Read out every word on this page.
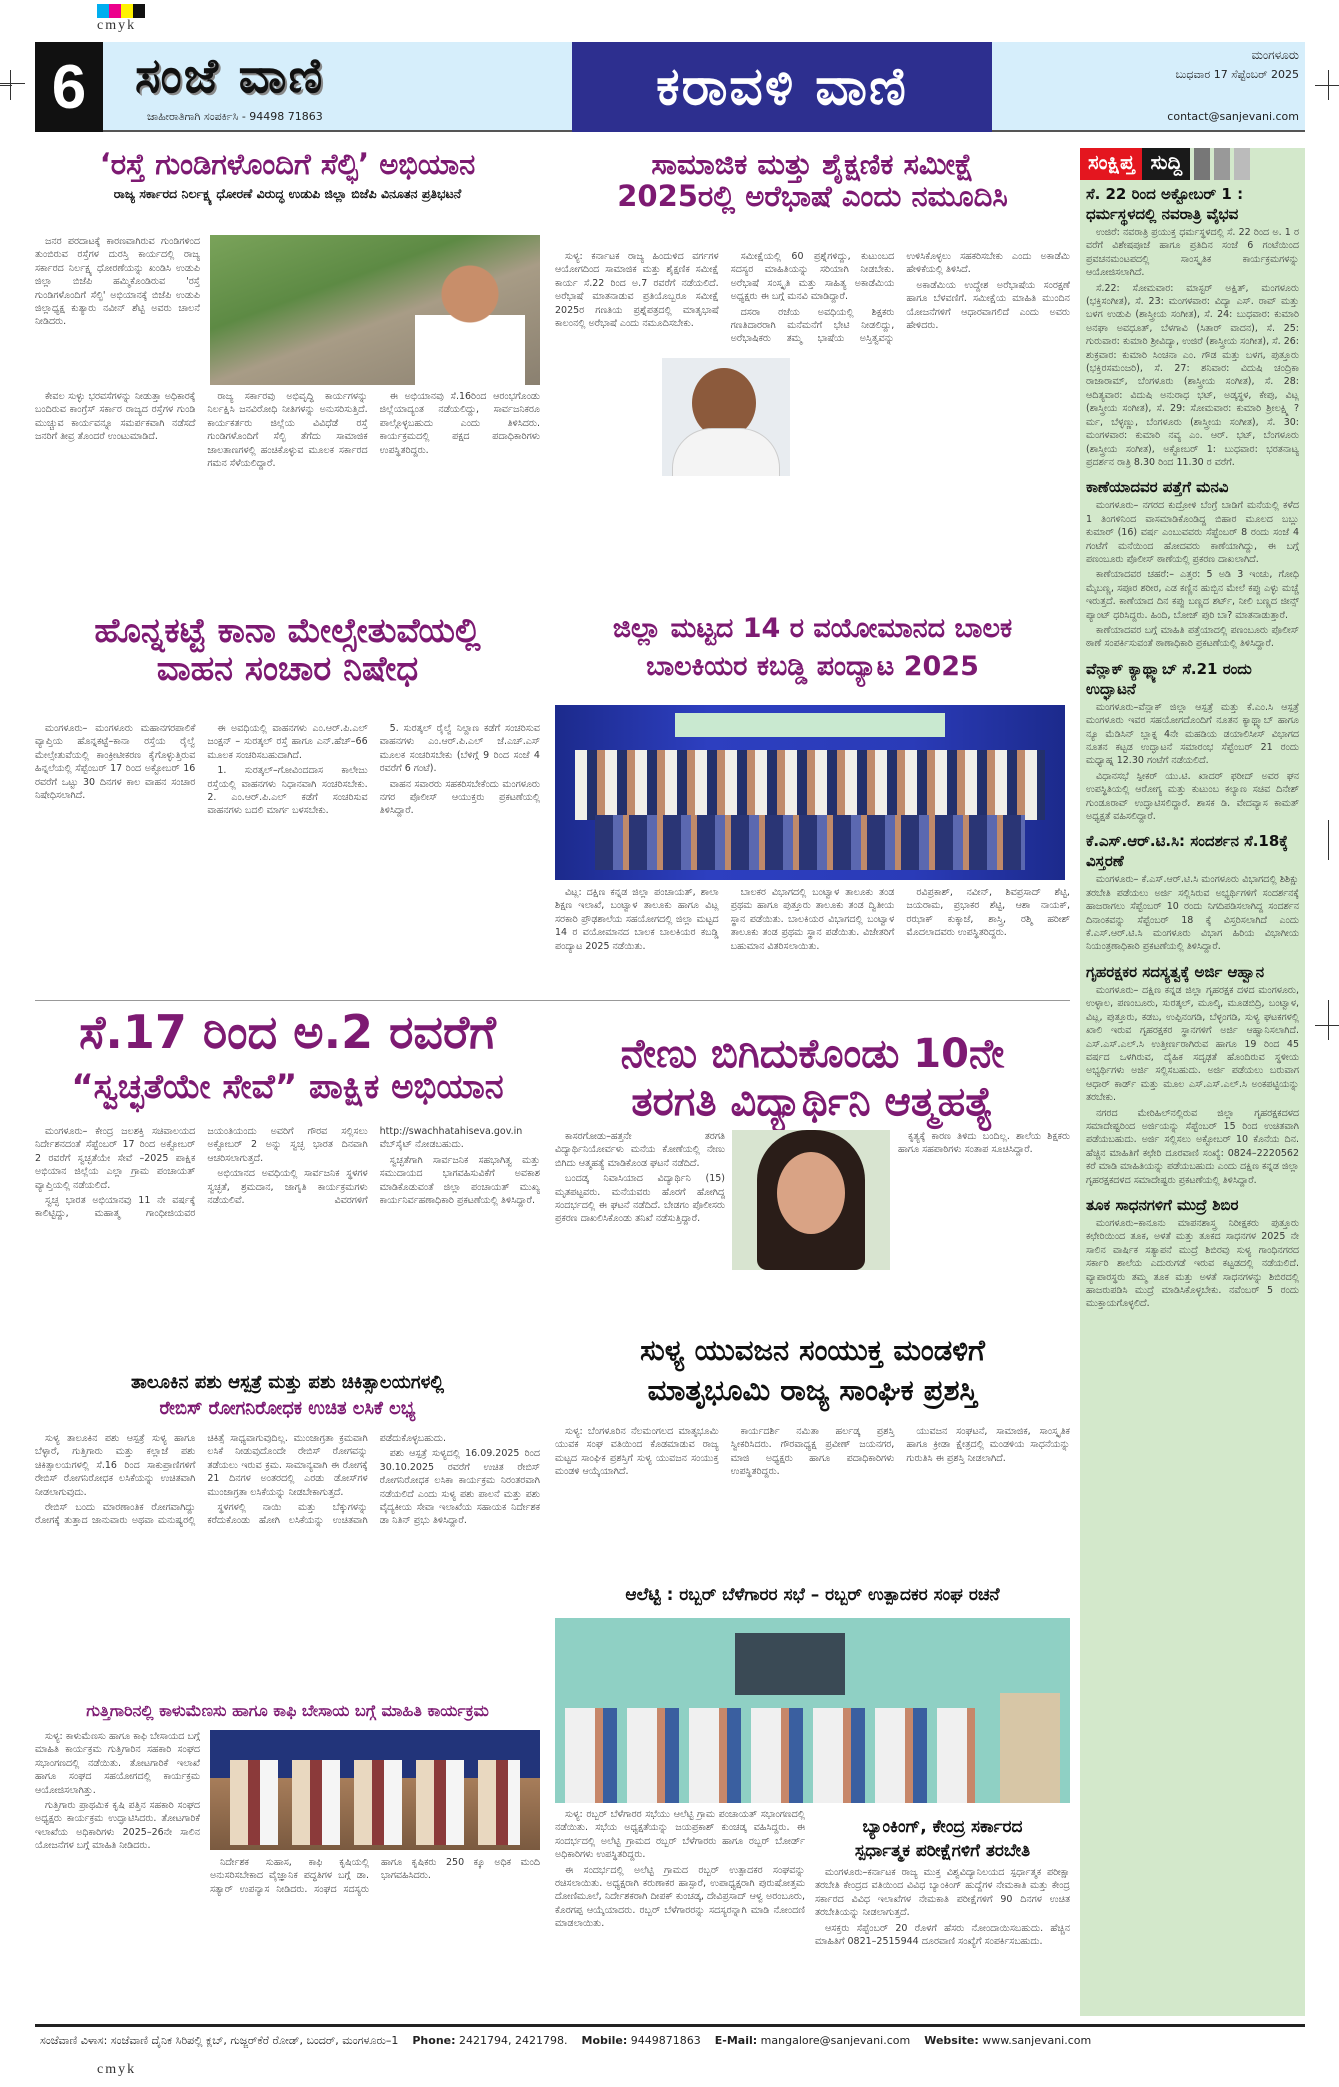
cmyk
cmyk
6	ಸಂಜೆ ವಾಣಿ
ಜಾಹೀರಾತಿಗಾಗಿ ಸಂಪರ್ಕಿಸಿ - 94498 71863	ಕರಾವಳಿ ವಾಣಿ
ಮಂಗಳೂರು
ಬುಧವಾರ 17 ಸೆಪ್ಟೆಂಬರ್ 2025
contact@sanjevani.com
‘ರಸ್ತೆ ಗುಂಡಿಗಳೊಂದಿಗೆ ಸೆಲ್ಫಿ’ ಅಭಿಯಾನ
ರಾಜ್ಯ ಸರ್ಕಾರದ ನಿರ್ಲಕ್ಷ್ಯ ಧೋರಣೆ ವಿರುದ್ಧ ಉಡುಪಿ ಜಿಲ್ಲಾ ಬಿಜೆಪಿ ವಿನೂತನ ಪ್ರತಿಭಟನೆ

ಜನರ ಪರದಾಟಕ್ಕೆ ಕಾರಣವಾಗಿರುವ ಗುಂಡಿಗಳಿಂದ ತುಂಬಿರುವ ರಸ್ತೆಗಳ ದುರಸ್ತಿ ಕಾರ್ಯದಲ್ಲಿ ರಾಜ್ಯ ಸರ್ಕಾರದ ನಿರ್ಲಕ್ಷ್ಯ ಧೋರಣೆಯನ್ನು ಖಂಡಿಸಿ ಉಡುಪಿ ಜಿಲ್ಲಾ ಬಿಜೆಪಿ ಹಮ್ಮಿಕೊಂಡಿರುವ 'ರಸ್ತೆ ಗುಂಡಿಗಳೊಂದಿಗೆ ಸೆಲ್ಫಿ' ಅಭಿಯಾನಕ್ಕೆ ಬಿಜೆಪಿ ಉಡುಪಿ ಜಿಲ್ಲಾಧ್ಯಕ್ಷ ಕುತ್ಯಾರು ನವೀನ್ ಶೆಟ್ಟಿ ಅವರು ಚಾಲನೆ ನೀಡಿದರು.

ಕೇವಲ ಸುಳ್ಳು ಭರವಸೆಗಳನ್ನು ನೀಡುತ್ತಾ ಅಧಿಕಾರಕ್ಕೆ ಬಂದಿರುವ ಕಾಂಗ್ರೆಸ್ ಸರ್ಕಾರ ರಾಜ್ಯದ ರಸ್ತೆಗಳ ಗುಂಡಿ ಮುಚ್ಚುವ ಕಾರ್ಯವನ್ನೂ ಸಮರ್ಪಕವಾಗಿ ನಡೆಸದೆ ಜನರಿಗೆ ತೀವ್ರ ತೊಂದರೆ ಉಂಟುಮಾಡಿದೆ.

ರಾಜ್ಯ ಸರ್ಕಾರವು ಅಭಿವೃದ್ಧಿ ಕಾರ್ಯಗಳನ್ನು ನಿರ್ಲಕ್ಷಿಸಿ ಜನವಿರೋಧಿ ನೀತಿಗಳನ್ನು ಅನುಸರಿಸುತ್ತಿದೆ. ಕಾರ್ಯಕರ್ತರು ಜಿಲ್ಲೆಯ ವಿವಿಧೆಡೆ ರಸ್ತೆ ಗುಂಡಿಗಳೊಂದಿಗೆ ಸೆಲ್ಫಿ ತೆಗೆದು ಸಾಮಾಜಿಕ ಜಾಲತಾಣಗಳಲ್ಲಿ ಹಂಚಿಕೊಳ್ಳುವ ಮೂಲಕ ಸರ್ಕಾರದ ಗಮನ ಸೆಳೆಯಲಿದ್ದಾರೆ.

ಈ ಅಭಿಯಾನವು ಸೆ.16ರಿಂದ ಆರಂಭಗೊಂಡು ಜಿಲ್ಲೆಯಾದ್ಯಂತ ನಡೆಯಲಿದ್ದು, ಸಾರ್ವಜನಿಕರೂ ಪಾಲ್ಗೊಳ್ಳಬಹುದು ಎಂದು ತಿಳಿಸಿದರು. ಕಾರ್ಯಕ್ರಮದಲ್ಲಿ ಪಕ್ಷದ ಪದಾಧಿಕಾರಿಗಳು ಉಪಸ್ಥಿತರಿದ್ದರು.

ಸಾಮಾಜಿಕ ಮತ್ತು ಶೈಕ್ಷಣಿಕ ಸಮೀಕ್ಷೆ
2025ರಲ್ಲಿ ಅರೆಭಾಷೆ ಎಂದು ನಮೂದಿಸಿ

ಸುಳ್ಯ: ಕರ್ನಾಟಕ ರಾಜ್ಯ ಹಿಂದುಳಿದ ವರ್ಗಗಳ ಆಯೋಗದಿಂದ ಸಾಮಾಜಿಕ ಮತ್ತು ಶೈಕ್ಷಣಿಕ ಸಮೀಕ್ಷೆ ಕಾರ್ಯ ಸೆ.22 ರಿಂದ ಅ.7 ರವರೆಗೆ ನಡೆಯಲಿದೆ. ಅರೆಭಾಷೆ ಮಾತನಾಡುವ ಪ್ರತಿಯೊಬ್ಬರೂ ಸಮೀಕ್ಷೆ 2025ರ ಗಣತಿಯ ಪ್ರಶ್ನೆಪತ್ರದಲ್ಲಿ ಮಾತೃಭಾಷೆ ಕಾಲಂನಲ್ಲಿ ಅರೆಭಾಷೆ ಎಂದು ನಮೂದಿಸಬೇಕು.

ಸಮೀಕ್ಷೆಯಲ್ಲಿ 60 ಪ್ರಶ್ನೆಗಳಿದ್ದು, ಕುಟುಂಬದ ಸದಸ್ಯರ ಮಾಹಿತಿಯನ್ನು ಸರಿಯಾಗಿ ನೀಡಬೇಕು. ಅರೆಭಾಷೆ ಸಂಸ್ಕೃತಿ ಮತ್ತು ಸಾಹಿತ್ಯ ಅಕಾಡೆಮಿಯ ಅಧ್ಯಕ್ಷರು ಈ ಬಗ್ಗೆ ಮನವಿ ಮಾಡಿದ್ದಾರೆ.

ದಸರಾ ರಜೆಯ ಅವಧಿಯಲ್ಲಿ ಶಿಕ್ಷಕರು ಗಣತಿದಾರರಾಗಿ ಮನೆಮನೆಗೆ ಭೇಟಿ ನೀಡಲಿದ್ದು, ಅರೆಭಾಷಿಕರು ತಮ್ಮ ಭಾಷೆಯ ಅಸ್ತಿತ್ವವನ್ನು ಉಳಿಸಿಕೊಳ್ಳಲು ಸಹಕರಿಸಬೇಕು ಎಂದು ಅಕಾಡೆಮಿ ಹೇಳಿಕೆಯಲ್ಲಿ ತಿಳಿಸಿದೆ.

ಅಕಾಡೆಮಿಯ ಉದ್ದೇಶ ಅರೆಭಾಷೆಯ ಸಂರಕ್ಷಣೆ ಹಾಗೂ ಬೆಳವಣಿಗೆ. ಸಮೀಕ್ಷೆಯ ಮಾಹಿತಿ ಮುಂದಿನ ಯೋಜನೆಗಳಿಗೆ ಆಧಾರವಾಗಲಿದೆ ಎಂದು ಅವರು ಹೇಳಿದರು.

ಹೊನ್ನಕಟ್ಟೆ ಕಾನಾ ಮೇಲ್ಸೇತುವೆಯಲ್ಲಿ
ವಾಹನ ಸಂಚಾರ ನಿಷೇಧ

ಮಂಗಳೂರು– ಮಂಗಳೂರು ಮಹಾನಗರಪಾಲಿಕೆ ವ್ಯಾಪ್ತಿಯ ಹೊನ್ನಕಟ್ಟೆ–ಕಾನಾ ರಸ್ತೆಯ ರೈಲ್ವೆ ಮೇಲ್ಸೇತುವೆಯಲ್ಲಿ ಕಾಂಕ್ರೀಟೀಕರಣ ಕೈಗೊಳ್ಳುತ್ತಿರುವ ಹಿನ್ನಲೆಯಲ್ಲಿ ಸೆಪ್ಟೆಂಬರ್ 17 ರಿಂದ ಅಕ್ಟೋಬರ್ 16 ರವರೆಗೆ ಒಟ್ಟು 30 ದಿನಗಳ ಕಾಲ ವಾಹನ ಸಂಚಾರ ನಿಷೇಧಿಸಲಾಗಿದೆ.

ಈ ಅವಧಿಯಲ್ಲಿ ವಾಹನಗಳು ಎಂ.ಆರ್.ಪಿ.ಎಲ್ ಜಂಕ್ಷನ್ – ಸುರತ್ಕಲ್ ರಸ್ತೆ ಹಾಗೂ ಎನ್.ಹೆಚ್–66 ಮೂಲಕ ಸಂಚರಿಸಬಹುದಾಗಿದೆ.

1. ಸುರತ್ಕಲ್–ಗೋವಿಂದದಾಸ ಕಾಲೇಜು ರಸ್ತೆಯಲ್ಲಿ ವಾಹನಗಳು ನಿಧಾನವಾಗಿ ಸಂಚರಿಸಬೇಕು. 2. ಎಂ.ಆರ್.ಪಿ.ಎಲ್ ಕಡೆಗೆ ಸಂಚರಿಸುವ ವಾಹನಗಳು ಬದಲಿ ಮಾರ್ಗ ಬಳಸಬೇಕು.

5. ಸುರತ್ಕಲ್ ರೈಲ್ವೆ ನಿಲ್ದಾಣ ಕಡೆಗೆ ಸಂಚರಿಸುವ ವಾಹನಗಳು ಎಂ.ಆರ್.ಪಿ.ಎಲ್ ಜೆ.ಎಚ್.ಎಸ್ ಮೂಲಕ ಸಂಚರಿಸಬೇಕು (ಬೆಳಿಗ್ಗೆ 9 ರಿಂದ ಸಂಜೆ 4 ರವರೆಗೆ 6 ಗಂಟೆ).

ವಾಹನ ಸವಾರರು ಸಹಕರಿಸಬೇಕೆಂದು ಮಂಗಳೂರು ನಗರ ಪೊಲೀಸ್ ಆಯುಕ್ತರು ಪ್ರಕಟಣೆಯಲ್ಲಿ ತಿಳಿಸಿದ್ದಾರೆ.

ಜಿಲ್ಲಾ ಮಟ್ಟದ 14 ರ ವಯೋಮಾನದ ಬಾಲಕ
ಬಾಲಕಿಯರ ಕಬಡ್ಡಿ ಪಂದ್ಯಾಟ 2025

ವಿಟ್ಲ: ದಕ್ಷಿಣ ಕನ್ನಡ ಜಿಲ್ಲಾ ಪಂಚಾಯತ್, ಶಾಲಾ ಶಿಕ್ಷಣ ಇಲಾಖೆ, ಬಂಟ್ವಾಳ ತಾಲೂಕು ಹಾಗೂ ವಿಟ್ಲ ಸರಕಾರಿ ಪ್ರೌಢಶಾಲೆಯ ಸಹಯೋಗದಲ್ಲಿ ಜಿಲ್ಲಾ ಮಟ್ಟದ 14 ರ ವಯೋಮಾನದ ಬಾಲಕ ಬಾಲಕಿಯರ ಕಬಡ್ಡಿ ಪಂದ್ಯಾಟ 2025 ನಡೆಯಿತು.

ಬಾಲಕರ ವಿಭಾಗದಲ್ಲಿ ಬಂಟ್ವಾಳ ತಾಲೂಕು ತಂಡ ಪ್ರಥಮ ಹಾಗೂ ಪುತ್ತೂರು ತಾಲೂಕು ತಂಡ ದ್ವಿತೀಯ ಸ್ಥಾನ ಪಡೆಯಿತು. ಬಾಲಕಿಯರ ವಿಭಾಗದಲ್ಲಿ ಬಂಟ್ವಾಳ ತಾಲೂಕು ತಂಡ ಪ್ರಥಮ ಸ್ಥಾನ ಪಡೆಯಿತು. ವಿಜೇತರಿಗೆ ಬಹುಮಾನ ವಿತರಿಸಲಾಯಿತು.

ರವಿಪ್ರಕಾಶ್, ನವೀನ್, ಶಿವಪ್ರಸಾದ್ ಶೆಟ್ಟಿ, ಜಯರಾಮ, ಪ್ರಭಾಕರ ಶೆಟ್ಟಿ, ಆಶಾ ನಾಯಕ್, ರಝಾಕ್ ಕುಕ್ಕಾಜೆ, ಶಾಸ್ತ್ರಿ, ರಶ್ಮಿ ಹರೀಶ್ ಮೊದಲಾದವರು ಉಪಸ್ಥಿತರಿದ್ದರು.

ಸೆ.17 ರಿಂದ ಅ.2 ರವರೆಗೆ
“ಸ್ವಚ್ಛತೆಯೇ ಸೇವೆ” ಪಾಕ್ಷಿಕ ಅಭಿಯಾನ

ಮಂಗಳೂರು– ಕೇಂದ್ರ ಜಲಶಕ್ತಿ ಸಚಿವಾಲಯದ ನಿರ್ದೇಶನದಂತೆ ಸೆಪ್ಟೆಂಬರ್ 17 ರಿಂದ ಅಕ್ಟೋಬರ್ 2 ರವರೆಗೆ ಸ್ವಚ್ಛತೆಯೇ ಸೇವೆ –2025 ಪಾಕ್ಷಿಕ ಅಭಿಯಾನ ಜಿಲ್ಲೆಯ ಎಲ್ಲಾ ಗ್ರಾಮ ಪಂಚಾಯತ್ ವ್ಯಾಪ್ತಿಯಲ್ಲಿ ನಡೆಯಲಿದೆ.

ಸ್ವಚ್ಛ ಭಾರತ ಅಭಿಯಾನವು 11 ನೇ ವರ್ಷಕ್ಕೆ ಕಾಲಿಟ್ಟಿದ್ದು, ಮಹಾತ್ಮ ಗಾಂಧೀಜಿಯವರ ಜಯಂತಿಯಂದು ಅವರಿಗೆ ಗೌರವ ಸಲ್ಲಿಸಲು ಅಕ್ಟೋಬರ್ 2 ಅನ್ನು ಸ್ವಚ್ಛ ಭಾರತ ದಿನವಾಗಿ ಆಚರಿಸಲಾಗುತ್ತದೆ.

ಅಭಿಯಾನದ ಅವಧಿಯಲ್ಲಿ ಸಾರ್ವಜನಿಕ ಸ್ಥಳಗಳ ಸ್ವಚ್ಛತೆ, ಶ್ರಮದಾನ, ಜಾಗೃತಿ ಕಾರ್ಯಕ್ರಮಗಳು ನಡೆಯಲಿವೆ. ವಿವರಗಳಿಗೆ http://swachhatahiseva.gov.in ವೆಬ್‌ಸೈಟ್ ನೋಡಬಹುದು.

ಸ್ವಚ್ಛತೆಗಾಗಿ ಸಾರ್ವಜನಿಕ ಸಹಭಾಗಿತ್ವ ಮತ್ತು ಸಮುದಾಯದ ಭಾಗವಹಿಸುವಿಕೆಗೆ ಅವಕಾಶ ಮಾಡಿಕೊಡುವಂತೆ ಜಿಲ್ಲಾ ಪಂಚಾಯತ್ ಮುಖ್ಯ ಕಾರ್ಯನಿರ್ವಹಣಾಧಿಕಾರಿ ಪ್ರಕಟಣೆಯಲ್ಲಿ ತಿಳಿಸಿದ್ದಾರೆ.

ನೇಣು ಬಿಗಿದುಕೊಂಡು 10ನೇ
ತರಗತಿ ವಿದ್ಯಾರ್ಥಿನಿ ಆತ್ಮಹತ್ಯೆ

ಕಾಸರಗೋಡು–ಹತ್ತನೇ ತರಗತಿ ವಿದ್ಯಾರ್ಥಿನಿಯೋರ್ವಳು ಮನೆಯ ಕೋಣೆಯಲ್ಲಿ ನೇಣು ಬಿಗಿದು ಆತ್ಮಹತ್ಯೆ ಮಾಡಿಕೊಂಡ ಘಟನೆ ನಡೆದಿದೆ.

ಬಂದಡ್ಕ ನಿವಾಸಿಯಾದ ವಿದ್ಯಾರ್ಥಿನಿ (15) ಮೃತಪಟ್ಟವರು. ಮನೆಯವರು ಹೊರಗೆ ಹೋಗಿದ್ದ ಸಂದರ್ಭದಲ್ಲಿ ಈ ಘಟನೆ ನಡೆದಿದೆ. ಬೇಡಗಂ ಪೊಲೀಸರು ಪ್ರಕರಣ ದಾಖಲಿಸಿಕೊಂಡು ತನಿಖೆ ನಡೆಸುತ್ತಿದ್ದಾರೆ.

ಕೃತ್ಯಕ್ಕೆ ಕಾರಣ ತಿಳಿದು ಬಂದಿಲ್ಲ. ಶಾಲೆಯ ಶಿಕ್ಷಕರು ಹಾಗೂ ಸಹಪಾಠಿಗಳು ಸಂತಾಪ ಸೂಚಿಸಿದ್ದಾರೆ.

ತಾಲೂಕಿನ ಪಶು ಆಸ್ಪತ್ರೆ ಮತ್ತು ಪಶು ಚಿಕಿತ್ಸಾಲಯಗಳಲ್ಲಿ
ರೇಬಿಸ್ ರೋಗನಿರೋಧಕ ಉಚಿತ ಲಸಿಕೆ ಲಭ್ಯ

ಸುಳ್ಯ ತಾಲೂಕಿನ ಪಶು ಆಸ್ಪತ್ರೆ ಸುಳ್ಯ ಹಾಗೂ ಬೆಳ್ಳಾರೆ, ಗುತ್ತಿಗಾರು ಮತ್ತು ಕಲ್ಲಾಜೆ ಪಶು ಚಿಕಿತ್ಸಾಲಯಗಳಲ್ಲಿ ಸೆ.16 ರಿಂದ ಸಾಕುಪ್ರಾಣಿಗಳಿಗೆ ರೇಬಿಸ್ ರೋಗನಿರೋಧಕ ಲಸಿಕೆಯನ್ನು ಉಚಿತವಾಗಿ ನೀಡಲಾಗುವುದು.

ರೇಬಿಸ್ ಬಂದು ಮಾರಣಾಂತಿಕ ರೋಗವಾಗಿದ್ದು ರೋಗಕ್ಕೆ ತುತ್ತಾದ ಜಾನುವಾರು ಅಥವಾ ಮನುಷ್ಯರಲ್ಲಿ ಚಿಕಿತ್ಸೆ ಸಾಧ್ಯವಾಗುವುದಿಲ್ಲ. ಮುಂಜಾಗ್ರತಾ ಕ್ರಮವಾಗಿ ಲಸಿಕೆ ನೀಡುವುದೊಂದೇ ರೇಬಿಸ್ ರೋಗವನ್ನು ತಡೆಯಲು ಇರುವ ಕ್ರಮ. ಸಾಮಾನ್ಯವಾಗಿ ಈ ರೋಗಕ್ಕೆ 21 ದಿನಗಳ ಅಂತರದಲ್ಲಿ ಎರಡು ಡೋಸ್‌ಗಳ ಮುಂಜಾಗ್ರತಾ ಲಸಿಕೆಯನ್ನು ನೀಡಬೇಕಾಗುತ್ತದೆ.

ಸ್ಥಳಗಳಲ್ಲಿ ನಾಯಿ ಮತ್ತು ಬೆಕ್ಕುಗಳನ್ನು ಕರೆದುಕೊಂಡು ಹೋಗಿ ಲಸಿಕೆಯನ್ನು ಉಚಿತವಾಗಿ ಪಡೆದುಕೊಳ್ಳಬಹುದು.

ಪಶು ಆಸ್ಪತ್ರೆ ಸುಳ್ಯದಲ್ಲಿ 16.09.2025 ರಿಂದ 30.10.2025 ರವರೆಗೆ ಉಚಿತ ರೇಬಿಸ್ ರೋಗನಿರೋಧಕ ಲಸಿಕಾ ಕಾರ್ಯಕ್ರಮ ನಿರಂತರವಾಗಿ ನಡೆಯಲಿದೆ ಎಂದು ಸುಳ್ಯ ಪಶು ಪಾಲನೆ ಮತ್ತು ಪಶು ವೈದ್ಯಕೀಯ ಸೇವಾ ಇಲಾಖೆಯ ಸಹಾಯಕ ನಿರ್ದೇಶಕ ಡಾ ನಿತಿನ್ ಪ್ರಭು ತಿಳಿಸಿದ್ದಾರೆ.

ಗುತ್ತಿಗಾರಿನಲ್ಲಿ ಕಾಳುಮೆಣಸು ಹಾಗೂ ಕಾಫಿ ಬೇಸಾಯ ಬಗ್ಗೆ ಮಾಹಿತಿ ಕಾರ್ಯಕ್ರಮ

ಸುಳ್ಯ: ಕಾಳುಮೆಣಸು ಹಾಗೂ ಕಾಫಿ ಬೇಸಾಯದ ಬಗ್ಗೆ ಮಾಹಿತಿ ಕಾರ್ಯಕ್ರಮ ಗುತ್ತಿಗಾರಿನ ಸಹಕಾರಿ ಸಂಘದ ಸಭಾಂಗಣದಲ್ಲಿ ನಡೆಯಿತು. ತೋಟಗಾರಿಕೆ ಇಲಾಖೆ ಹಾಗೂ ಸಂಘದ ಸಹಯೋಗದಲ್ಲಿ ಕಾರ್ಯಕ್ರಮ ಆಯೋಜಿಸಲಾಗಿತ್ತು.

ಗುತ್ತಿಗಾರು ಪ್ರಾಥಮಿಕ ಕೃಷಿ ಪತ್ತಿನ ಸಹಕಾರಿ ಸಂಘದ ಅಧ್ಯಕ್ಷರು ಕಾರ್ಯಕ್ರಮ ಉದ್ಘಾಟಿಸಿದರು. ತೋಟಗಾರಿಕೆ ಇಲಾಖೆಯ ಅಧಿಕಾರಿಗಳು 2025–26ನೇ ಸಾಲಿನ ಯೋಜನೆಗಳ ಬಗ್ಗೆ ಮಾಹಿತಿ ನೀಡಿದರು.

ನಿರ್ದೇಶಕ ಸುಹಾಸ, ಕಾಫಿ ಕೃಷಿಯಲ್ಲಿ ಅನುಸರಿಸಬೇಕಾದ ವೈಜ್ಞಾನಿಕ ಪದ್ಧತಿಗಳ ಬಗ್ಗೆ ಡಾ. ಸತ್ಯಾರ್ ಉಪನ್ಯಾಸ ನೀಡಿದರು. ಸಂಘದ ಸದಸ್ಯರು ಹಾಗೂ ಕೃಷಿಕರು 250 ಕ್ಕೂ ಅಧಿಕ ಮಂದಿ ಭಾಗವಹಿಸಿದರು.

ಸುಳ್ಯ ಯುವಜನ ಸಂಯುಕ್ತ ಮಂಡಳಿಗೆ
ಮಾತೃಭೂಮಿ ರಾಜ್ಯ ಸಾಂಘಿಕ ಪ್ರಶಸ್ತಿ

ಸುಳ್ಯ: ಬೆಂಗಳೂರಿನ ನೆಲಮಂಗಲದ ಮಾತೃಭೂಮಿ ಯುವಕ ಸಂಘ ವತಿಯಿಂದ ಕೊಡಮಾಡುವ ರಾಜ್ಯ ಮಟ್ಟದ ಸಾಂಘಿಕ ಪ್ರಶಸ್ತಿಗೆ ಸುಳ್ಯ ಯುವಜನ ಸಂಯುಕ್ತ ಮಂಡಳಿ ಆಯ್ಕೆಯಾಗಿದೆ.

ಕಾರ್ಯದರ್ಶಿ ನಮಿತಾ ಹರ್ಲಡ್ಕ ಪ್ರಶಸ್ತಿ ಸ್ವೀಕರಿಸಿದರು. ಗೌರವಾಧ್ಯಕ್ಷ ಪ್ರವೀಣ್ ಜಯನಗರ, ಮಾಜಿ ಅಧ್ಯಕ್ಷರು ಹಾಗೂ ಪದಾಧಿಕಾರಿಗಳು ಉಪಸ್ಥಿತರಿದ್ದರು.

ಯುವಜನ ಸಂಘಟನೆ, ಸಾಮಾಜಿಕ, ಸಾಂಸ್ಕೃತಿಕ ಹಾಗೂ ಕ್ರೀಡಾ ಕ್ಷೇತ್ರದಲ್ಲಿ ಮಂಡಳಿಯ ಸಾಧನೆಯನ್ನು ಗುರುತಿಸಿ ಈ ಪ್ರಶಸ್ತಿ ನೀಡಲಾಗಿದೆ.

ಆಲೆಟ್ಟಿ : ರಬ್ಬರ್ ಬೆಳೆಗಾರರ ಸಭೆ – ರಬ್ಬರ್ ಉತ್ಪಾದಕರ ಸಂಘ ರಚನೆ

ಸುಳ್ಯ: ರಬ್ಬರ್ ಬೆಳೆಗಾರರ ಸಭೆಯು ಆಲೆಟ್ಟಿ ಗ್ರಾಮ ಪಂಚಾಯತ್ ಸಭಾಂಗಣದಲ್ಲಿ ನಡೆಯಿತು. ಸಭೆಯ ಅಧ್ಯಕ್ಷತೆಯನ್ನು ಜಯಪ್ರಕಾಶ್ ಕುಂಚಡ್ಕ ವಹಿಸಿದ್ದರು. ಈ ಸಂದರ್ಭದಲ್ಲಿ ಅಲೆಟ್ಟಿ ಗ್ರಾಮದ ರಬ್ಬರ್ ಬೆಳೆಗಾರರು ಹಾಗೂ ರಬ್ಬರ್ ಬೋರ್ಡ್ ಅಧಿಕಾರಿಗಳು ಉಪಸ್ಥಿತರಿದ್ದರು.

ಈ ಸಂದರ್ಭದಲ್ಲಿ ಅಲೆಟ್ಟಿ ಗ್ರಾಮದ ರಬ್ಬರ್ ಉತ್ಪಾದಕರ ಸಂಘವನ್ನು ರಚಿಸಲಾಯಿತು. ಅಧ್ಯಕ್ಷರಾಗಿ ಕರುಣಾಕರ ಹಾಸ್ಪಾರೆ, ಉಪಾಧ್ಯಕ್ಷರಾಗಿ ಪುರುಷೋತ್ತಮ ದೋಣಿಮೂಲೆ, ನಿರ್ದೇಶಕರಾಗಿ ದೀಪಕ್ ಕುಂಚಡ್ಕ, ದೇವಿಪ್ರಸಾದ್ ಆಳ್ವ ಅರಂಬೂರು, ಕೊರಗಪ್ಪ ಆಯ್ಕೆಯಾದರು. ರಬ್ಬರ್ ಬೆಳೆಗಾರರನ್ನು ಸದಸ್ಯರನ್ನಾಗಿ ಮಾಡಿ ನೋಂದಣಿ ಮಾಡಲಾಯಿತು.

ಬ್ಯಾಂಕಿಂಗ್, ಕೇಂದ್ರ ಸರ್ಕಾರದ
ಸ್ಪರ್ಧಾತ್ಮಕ ಪರೀಕ್ಷೆಗಳಿಗೆ ತರಬೇತಿ

ಮಂಗಳೂರು–ಕರ್ನಾಟಕ ರಾಜ್ಯ ಮುಕ್ತ ವಿಶ್ವವಿದ್ಯಾನಿಲಯದ ಸ್ಪರ್ಧಾತ್ಮಕ ಪರೀಕ್ಷಾ ತರಬೇತಿ ಕೇಂದ್ರದ ವತಿಯಿಂದ ವಿವಿಧ ಬ್ಯಾಂಕಿಂಗ್ ಹುದ್ದೆಗಳ ನೇಮಕಾತಿ ಮತ್ತು ಕೇಂದ್ರ ಸರ್ಕಾರದ ವಿವಿಧ ಇಲಾಖೆಗಳ ನೇಮಕಾತಿ ಪರೀಕ್ಷೆಗಳಿಗೆ 90 ದಿನಗಳ ಉಚಿತ ತರಬೇತಿಯನ್ನು ನೀಡಲಾಗುತ್ತದೆ.

ಆಸಕ್ತರು ಸೆಪ್ಟೆಂಬರ್ 20 ರೊಳಗೆ ಹೆಸರು ನೋಂದಾಯಿಸಬಹುದು. ಹೆಚ್ಚಿನ ಮಾಹಿತಿಗೆ 0821–2515944 ದೂರವಾಣಿ ಸಂಖ್ಯೆಗೆ ಸಂಪರ್ಕಿಸಬಹುದು.

ಸಂಕ್ಷಿಪ್ತ ಸುದ್ದಿ
ಸೆ. 22 ರಿಂದ ಅಕ್ಟೋಬರ್ 1 : ಧರ್ಮಸ್ಥಳದಲ್ಲಿ ನವರಾತ್ರಿ ವೈಭವ

ಉಜಿರೆ: ನವರಾತ್ರಿ ಪ್ರಯುಕ್ತ ಧರ್ಮಸ್ಥಳದಲ್ಲಿ ಸೆ. 22 ರಿಂದ ಅ. 1 ರ ವರೆಗೆ ವಿಶೇಷಪೂಜೆ ಹಾಗೂ ಪ್ರತಿದಿನ ಸಂಜೆ 6 ಗಂಟೆಯಿಂದ ಪ್ರವಚನಮಂಟಪದಲ್ಲಿ ಸಾಂಸ್ಕೃತಿಕ ಕಾರ್ಯಕ್ರಮಗಳನ್ನು ಆಯೋಜಿಸಲಾಗಿದೆ.

ಸೆ.22: ಸೋಮವಾರ: ಮಾಸ್ಟರ್ ಅಕ್ಷಿತ್, ಮಂಗಳೂರು (ಭಕ್ತಿಸಂಗೀತ), ಸೆ. 23: ಮಂಗಳವಾರ: ವಿದ್ಯಾ ಎಸ್. ರಾವ್ ಮತ್ತು ಬಳಗ ಉಡುಪಿ (ಶಾಸ್ತ್ರೀಯ ಸಂಗೀತ), ಸೆ. 24: ಬುಧವಾರ: ಕುಮಾರಿ ಅನಘಾ ಅವಧೂತ್, ಬೆಳಗಾವಿ (ಸಿತಾರ್ ವಾದನ), ಸೆ. 25: ಗುರುವಾರ: ಕುಮಾರಿ ಶ್ರೀವಿದ್ಯಾ, ಉಜಿರೆ (ಶಾಸ್ತ್ರೀಯ ಸಂಗೀತ), ಸೆ. 26: ಶುಕ್ರವಾರ: ಕುಮಾರಿ ಸಿಂಚನಾ ಎಂ. ಗೌಡ ಮತ್ತು ಬಳಗ, ಪುತ್ತೂರು (ಭಕ್ತಿರಸಮಂಜರಿ), ಸೆ. 27: ಶನಿವಾರ: ವಿದುಷಿ ಚಂದ್ರಿಕಾ ರಾಜಾರಾಮ್, ಬೆಂಗಳೂರು (ಶಾಸ್ತ್ರೀಯ ಸಂಗೀತ), ಸೆ. 28: ಆದಿತ್ಯವಾರ: ವಿದುಷಿ ಅನುರಾಧ ಭಟ್, ಅಡ್ಕಸ್ಥಳ, ಕೇಪು, ವಿಟ್ಲ (ಶಾಸ್ತ್ರೀಯ ಸಂಗೀತ), ಸೆ. 29: ಸೋಮವಾರ: ಕುಮಾರಿ ಶ್ರೀಲಕ್ಷ್ಮಿ ?ರ್ಮ, ಬೆಳ್ಳಣ್ಣು, ಬೆಂಗಳೂರು (ಶಾಸ್ತ್ರೀಯ ಸಂಗೀತ), ಸೆ. 30: ಮಂಗಳವಾರ: ಕುಮಾರಿ ನವ್ಯ ಎಂ. ಆರ್. ಭಟ್, ಬೆಂಗಳೂರು (ಶಾಸ್ತ್ರೀಯ ಸಂಗೀತ), ಅಕ್ಟೋಬರ್ 1: ಬುಧವಾರ: ಭರತನಾಟ್ಯ ಪ್ರದರ್ಶನ ರಾತ್ರಿ 8.30 ರಿಂದ 11.30 ರ ವರೆಗೆ.

ಕಾಣೆಯಾದವರ ಪತ್ತೆಗೆ ಮನವಿ

ಮಂಗಳೂರು– ನಗರದ ಕುದ್ರೋಳಿ ಬೆಂಗ್ರೆ ಬಾಡಿಗೆ ಮನೆಯಲ್ಲಿ ಕಳೆದ 1 ತಿಂಗಳಿನಿಂದ ವಾಸಮಾಡಿಕೊಂಡಿದ್ದ ಬಿಹಾರ ಮೂಲದ ಬಬ್ಲು ಕುಮಾರ್ (16) ವರ್ಷ ಎಂಬುವವರು ಸೆಪ್ಟೆಂಬರ್ 8 ರಂದು ಸಂಜೆ 4 ಗಂಟೆಗೆ ಮನೆಯಿಂದ ಹೋದವರು ಕಾಣೆಯಾಗಿದ್ದು, ಈ ಬಗ್ಗೆ ಪಣಂಬೂರು ಪೊಲೀಸ್ ಠಾಣೆಯಲ್ಲಿ ಪ್ರಕರಣ ದಾಖಲಾಗಿದೆ.

ಕಾಣೆಯಾದವರ ಚಹರೆ:– ಎತ್ತರ: 5 ಅಡಿ 3 ಇಂಚು, ಗೋಧಿ ಮೈಬಣ್ಣ, ಸಪೂರ ಶರೀರ, ಎಡ ಕಣ್ಣಿನ ಹುಬ್ಬಿನ ಮೇಲೆ ಕಪ್ಪು ಎಳ್ಳು ಮಚ್ಚೆ ಇರುತ್ತದೆ. ಕಾಣೆಯಾದ ದಿನ ಕಪ್ಪು ಬಣ್ಣದ ಶರ್ಟ್, ನೀಲಿ ಬಣ್ಣದ ಜೀನ್ಸ್ ಪ್ಯಾಂಟ್ ಧರಿಸಿದ್ದರು. ಹಿಂದಿ, ಬೋಜ್ ಪುರಿ ಬಾ? ಮಾತನಾಡುತ್ತಾರೆ.

ಕಾಣೆಯಾದವರ ಬಗ್ಗೆ ಮಾಹಿತಿ ಪತ್ತೆಯಾದಲ್ಲಿ ಪಣಂಬೂರು ಪೊಲೀಸ್ ಠಾಣೆ ಸಂಪರ್ಕಿಸುವಂತೆ ಠಾಣಾಧಿಕಾರಿ ಪ್ರಕಟಣೆಯಲ್ಲಿ ತಿಳಿಸಿದ್ದಾರೆ.

ವೆನ್ಲಾಕ್ ಕ್ಯಾಥ್ಲ್ಯಾಬ್ ಸೆ.21 ರಂದು ಉದ್ಘಾಟನೆ

ಮಂಗಳೂರು–ವೆನ್ಲಾಕ್ ಜಿಲ್ಲಾ ಆಸ್ಪತ್ರೆ ಮತ್ತು ಕೆ.ಎಂ.ಸಿ ಆಸ್ಪತ್ರೆ ಮಂಗಳೂರು ಇವರ ಸಹಯೋಗದೊಂದಿಗೆ ನೂತನ ಕ್ಯಾಥ್ಲ್ಯಾಬ್ ಹಾಗೂ ನ್ಯೂ ಮೆಡಿಸಿನ್ ಬ್ಲಾಕ್ನ 4ನೇ ಮಹಡಿಯ ಡಯಾಲಿಸೀಸ್ ವಿಭಾಗದ ನೂತನ ಕಟ್ಟಡ ಉದ್ಘಾಟನೆ ಸಮಾರಂಭ ಸೆಪ್ಟೆಂಬರ್ 21 ರಂದು ಮಧ್ಯಾಹ್ನ 12.30 ಗಂಟೆಗೆ ನಡೆಯಲಿದೆ.

ವಿಧಾನಸಭೆ ಸ್ಪೀಕರ್ ಯು.ಟಿ. ಖಾದರ್ ಫರೀದ್ ಅವರ ಘನ ಉಪಸ್ಥಿತಿಯಲ್ಲಿ ಆರೋಗ್ಯ ಮತ್ತು ಕುಟುಂಬ ಕಲ್ಯಾಣ ಸಚಿವ ದಿನೇಶ್ ಗುಂಡೂರಾವ್ ಉದ್ಘಾಟಿಸಲಿದ್ದಾರೆ. ಶಾಸಕ ಡಿ. ವೇದವ್ಯಾಸ ಕಾಮತ್ ಅಧ್ಯಕ್ಷತೆ ವಹಿಸಲಿದ್ದಾರೆ.

ಕೆ.ಎಸ್.ಆರ್.ಟಿ.ಸಿ: ಸಂದರ್ಶನ ಸೆ.18ಕ್ಕೆ ವಿಸ್ತರಣೆ

ಮಂಗಳೂರು– ಕೆ.ಎಸ್.ಆರ್.ಟಿ.ಸಿ ಮಂಗಳೂರು ವಿಭಾಗದಲ್ಲಿ ಶಿಶಿಕ್ಷು ತರಬೇತಿ ಪಡೆಯಲು ಅರ್ಜಿ ಸಲ್ಲಿಸಿರುವ ಅಭ್ಯರ್ಥಿಗಳಿಗೆ ಸಂದರ್ಶನಕ್ಕೆ ಹಾಜರಾಗಲು ಸೆಪ್ಟೆಂಬರ್ 10 ರಂದು ನಿಗದಿಪಡಿಸಲಾಗಿದ್ದ ಸಂದರ್ಶನ ದಿನಾಂಕವನ್ನು ಸೆಪ್ಟೆಂಬರ್ 18 ಕ್ಕೆ ವಿಸ್ತರಿಸಲಾಗಿದೆ ಎಂದು ಕೆ.ಎಸ್.ಆರ್.ಟಿ.ಸಿ ಮಂಗಳೂರು ವಿಭಾಗ ಹಿರಿಯ ವಿಭಾಗೀಯ ನಿಯಂತ್ರಣಾಧಿಕಾರಿ ಪ್ರಕಟಣೆಯಲ್ಲಿ ತಿಳಿಸಿದ್ದಾರೆ.

ಗೃಹರಕ್ಷಕರ ಸದಸ್ಯತ್ವಕ್ಕೆ ಅರ್ಜಿ ಆಹ್ವಾನ

ಮಂಗಳೂರು– ದಕ್ಷಿಣ ಕನ್ನಡ ಜಿಲ್ಲಾ ಗೃಹರಕ್ಷಕ ದಳದ ಮಂಗಳೂರು, ಉಳ್ಳಾಲ, ಪಣಂಬೂರು, ಸುರತ್ಕಲ್, ಮೂಲ್ಕಿ, ಮೂಡಬಿದ್ರಿ, ಬಂಟ್ವಾಳ, ವಿಟ್ಲ, ಪುತ್ತೂರು, ಕಡಬ, ಉಪ್ಪಿನಂಗಡಿ, ಬೆಳ್ಳಂಗಡಿ, ಸುಳ್ಯ ಘಟಕಗಳಲ್ಲಿ ಖಾಲಿ ಇರುವ ಗೃಹರಕ್ಷಕರ ಸ್ಥಾನಗಳಿಗೆ ಅರ್ಜಿ ಆಹ್ವಾನಿಸಲಾಗಿದೆ. ಎಸ್.ಎಸ್.ಎಲ್.ಸಿ ಉತ್ತೀರ್ಣರಾಗಿರುವ ಹಾಗೂ 19 ರಿಂದ 45 ವರ್ಷದ ಒಳಗಿರುವ, ದೈಹಿಕ ಸದೃಢತೆ ಹೊಂದಿರುವ ಸ್ಥಳೀಯ ಅಭ್ಯರ್ಥಿಗಳು ಅರ್ಜಿ ಸಲ್ಲಿಸಬಹುದು. ಅರ್ಜಿ ಪಡೆಯಲು ಬರುವಾಗ ಆಧಾರ್ ಕಾರ್ಡ್ ಮತ್ತು ಮೂಲ ಎಸ್.ಎಸ್.ಎಲ್.ಸಿ ಅಂಕಪಟ್ಟಿಯನ್ನು ತರಬೇಕು.

ನಗರದ ಮೇರಿಹಿಲ್‌ನಲ್ಲಿರುವ ಜಿಲ್ಲಾ ಗೃಹರಕ್ಷಕದಳದ ಸಮಾದೇಷ್ಟರಿಂದ ಅರ್ಜಿಯನ್ನು ಸೆಪ್ಟೆಂಬರ್ 15 ರಿಂದ ಉಚಿತವಾಗಿ ಪಡೆಯಬಹುದು. ಅರ್ಜಿ ಸಲ್ಲಿಸಲು ಅಕ್ಟೋಬರ್ 10 ಕೊನೆಯ ದಿನ. ಹೆಚ್ಚಿನ ಮಾಹಿತಿಗೆ ಕಛೇರಿ ದೂರವಾಣಿ ಸಂಖ್ಯೆ: 0824–2220562 ಕರೆ ಮಾಡಿ ಮಾಹಿತಿಯನ್ನು ಪಡೆಯಬಹುದು ಎಂದು ದಕ್ಷಿಣ ಕನ್ನಡ ಜಿಲ್ಲಾ ಗೃಹರಕ್ಷಕದಳದ ಸಮಾದೇಷ್ಟರು ಪ್ರಕಟಣೆಯಲ್ಲಿ ತಿಳಿಸಿದ್ದಾರೆ.

ತೂಕ ಸಾಧನಗಳಿಗೆ ಮುದ್ರೆ ಶಿಬಿರ

ಮಂಗಳೂರು–ಕಾನೂನು ಮಾಪನಶಾಸ್ತ್ರ ನಿರೀಕ್ಷಕರು ಪುತ್ತೂರು ಕಛೇರಿಯಿಂದ ತೂಕ, ಅಳತೆ ಮತ್ತು ತೂಕದ ಸಾಧನಗಳ 2025 ನೇ ಸಾಲಿನ ವಾರ್ಷಿಕ ಸತ್ಯಾಪನೆ ಮುದ್ರೆ ಶಿಬಿರವು ಸುಳ್ಯ ಗಾಂಧಿನಗರದ ಸರ್ಕಾರಿ ಶಾಲೆಯ ಎದುರುಗಡೆ ಇರುವ ಕಟ್ಟಡದಲ್ಲಿ ನಡೆಯಲಿದೆ. ವ್ಯಾಪಾರಸ್ಥರು ತಮ್ಮ ತೂಕ ಮತ್ತು ಅಳತೆ ಸಾಧನಗಳನ್ನು ಶಿಬಿರದಲ್ಲಿ ಹಾಜರುಪಡಿಸಿ ಮುದ್ರೆ ಮಾಡಿಸಿಕೊಳ್ಳಬೇಕು. ನವೆಂಬರ್ 5 ರಂದು ಮುಕ್ತಾಯಗೊಳ್ಳಲಿದೆ.

ಸಂಜೆವಾಣಿ ವಿಳಾಸ: ಸಂಜೆವಾಣಿ ದೈನಿಕ ಸಿರಿಪಲ್ಲಿ ಕ್ಲಬ್, ಗುಜ್ಜರ್‌ಕೆರೆ ರೋಡ್, ಬಂದರ್, ಮಂಗಳೂರು–1 Phone: 2421794, 2421798. Mobile: 9449871863 E-Mail: mangalore@sanjevani.com Website: www.sanjevani.com
